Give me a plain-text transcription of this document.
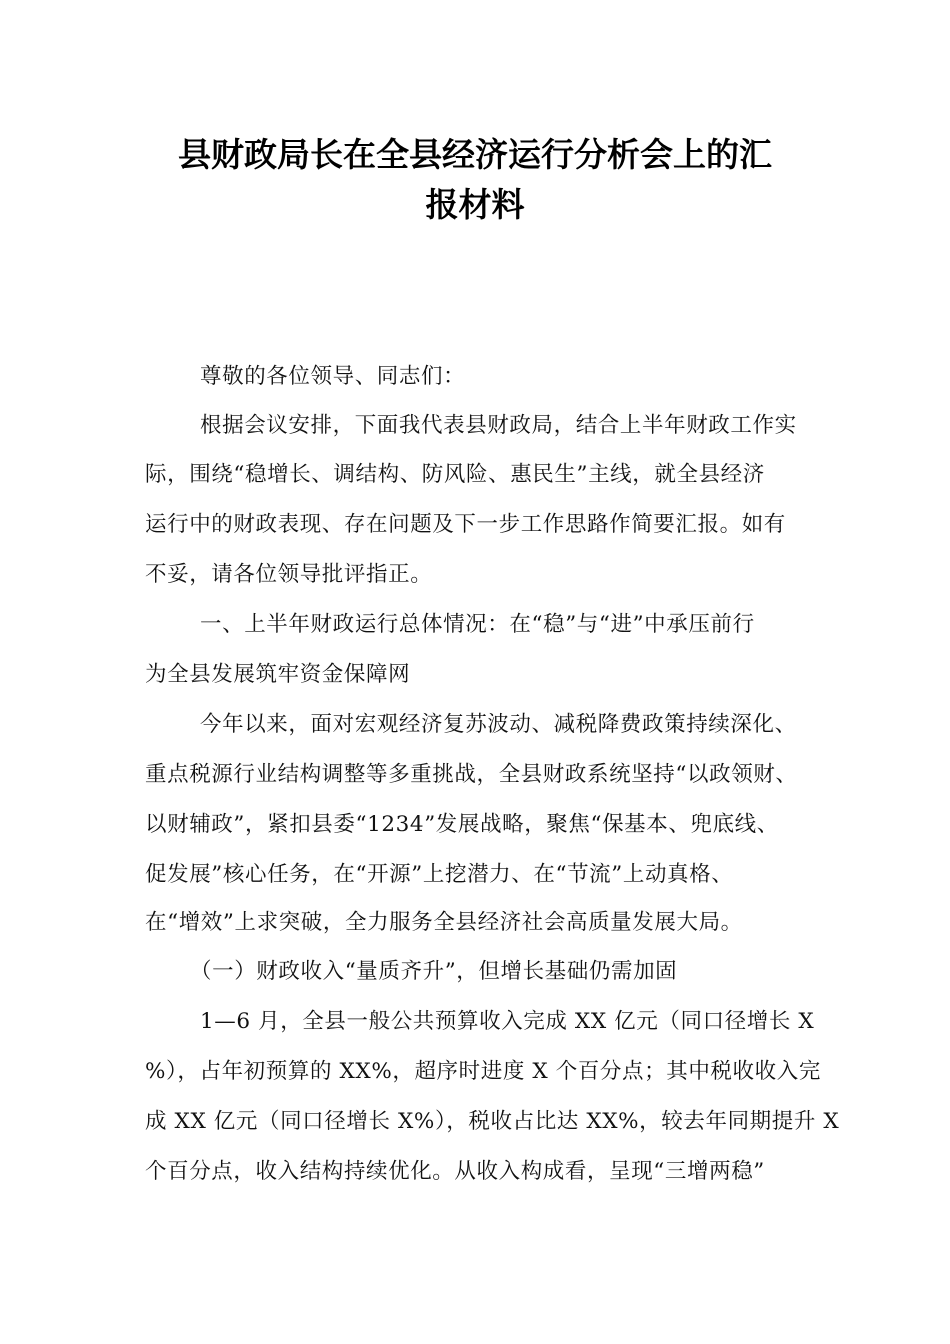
县财政局长在全县经济运行分析会上的汇
报材料
尊敬的各位领导、同志们：
根据会议安排，下面我代表县财政局，结合上半年财政工作实
际，围绕“稳增长、调结构、防风险、惠民生”主线，就全县经济
运行中的财政表现、存在问题及下一步工作思路作简要汇报。如有
不妥，请各位领导批评指正。
一、上半年财政运行总体情况：在“稳”与“进”中承压前行
为全县发展筑牢资金保障网
今年以来，面对宏观经济复苏波动、减税降费政策持续深化、
重点税源行业结构调整等多重挑战，全县财政系统坚持“以政领财、
以财辅政”，紧扣县委“1234”发展战略，聚焦“保基本、兜底线、
促发展”核心任务，在“开源”上挖潜力、在“节流”上动真格、
在“增效”上求突破，全力服务全县经济社会高质量发展大局。
（一）财政收入“量质齐升”，但增长基础仍需加固
1—6 月，全县一般公共预算收入完成 XX 亿元（同口径增长 X
%），占年初预算的 XX%，超序时进度 X 个百分点；其中税收收入完
成 XX 亿元（同口径增长 X%），税收占比达 XX%，较去年同期提升 X
个百分点，收入结构持续优化。从收入构成看，呈现“三增两稳”
